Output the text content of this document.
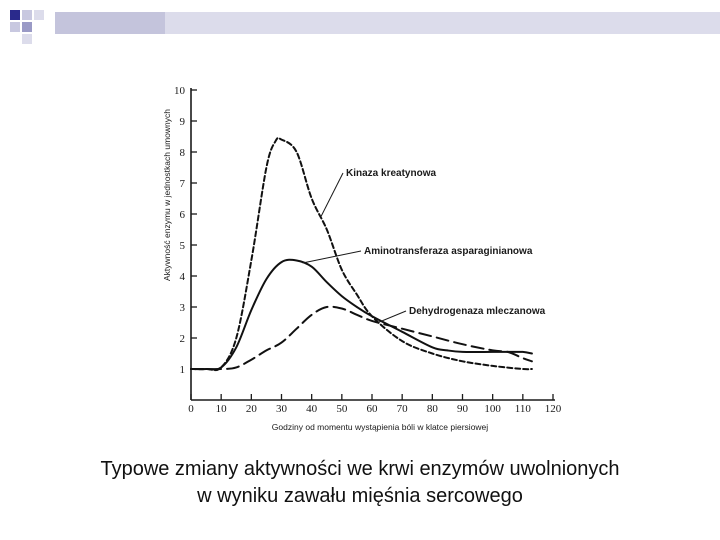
1
2
3
4
5
6
7
8
9
10
0 10 20 30 40 50 60 70 80 90 100 110 120
Godziny od momentu wystąpienia bóli w klatce piersiowej
Aktywność enzymu w jednostkach umownych	Kinaza kreatynowa
Aminotransferaza asparaginianowa
Dehydrogenaza mleczanowa
Typowe zmiany aktywności we krwi enzymów uwolnionych
w wyniku zawału mięśnia sercowego
